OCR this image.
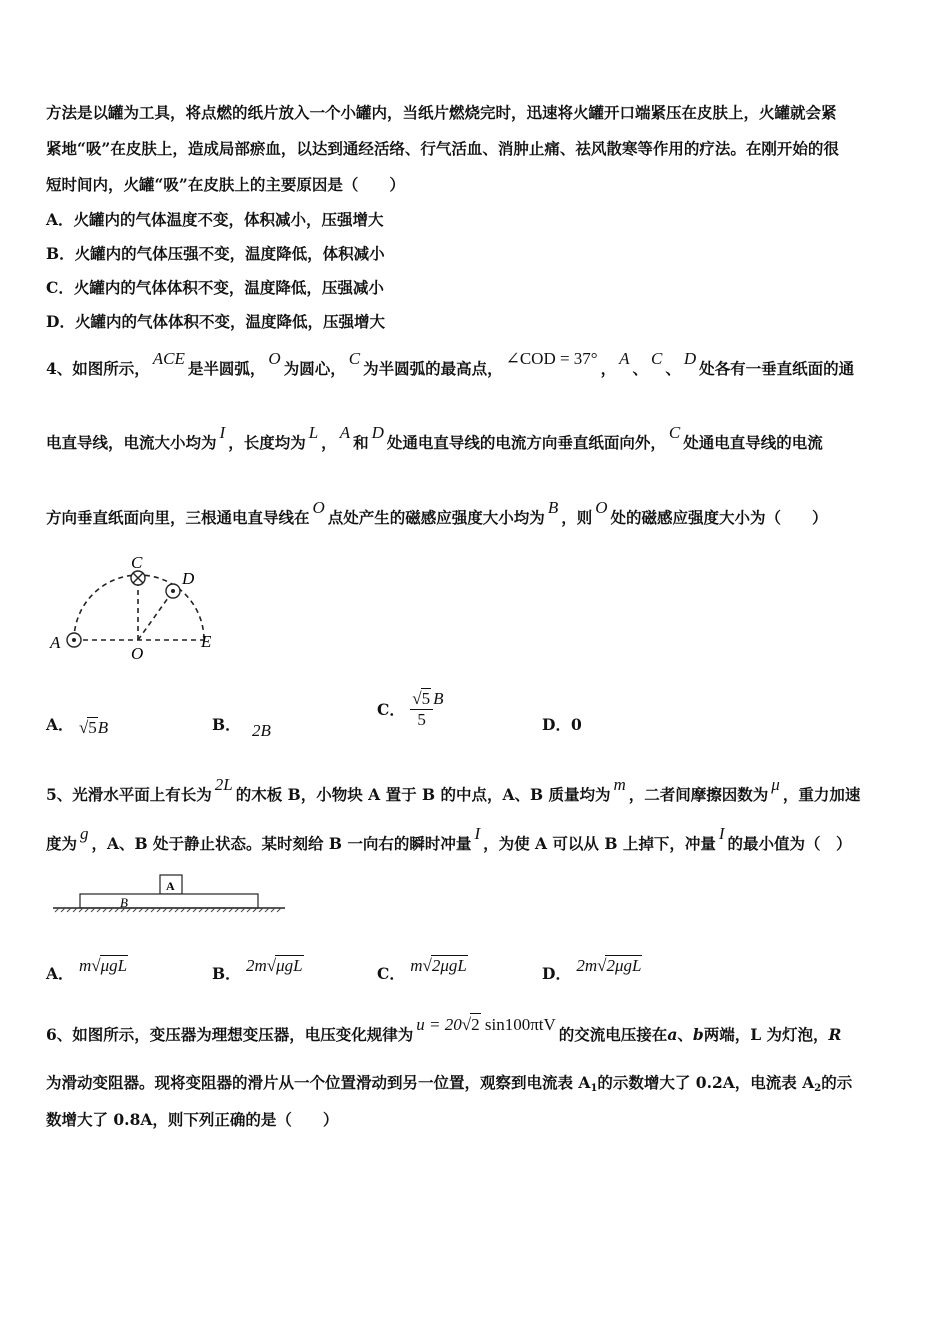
方法是以罐为工具，将点燃的纸片放入一个小罐内，当纸片燃烧完时，迅速将火罐开口端紧压在皮肤上，火罐就会紧
紧地“吸”在皮肤上，造成局部瘀血，以达到通经活络、行气活血、消肿止痛、祛风散寒等作用的疗法。在刚开始的很
短时间内，火罐“吸”在皮肤上的主要原因是（　　）
A．火罐内的气体温度不变，体积减小，压强增大
B．火罐内的气体压强不变，温度降低，体积减小
C．火罐内的气体体积不变，温度降低，压强减小
D．火罐内的气体体积不变，温度降低，压强增大
4、如图所示，ACE是半圆弧，O为圆心，C为半圆弧的最高点，∠COD = 37°，A、C、D处各有一垂直纸面的通
电直导线，电流大小均为I，长度均为L，A和D处通电直导线的电流方向垂直纸面向外，C处通电直导线的电流
方向垂直纸面向里，三根通电直导线在O点处产生的磁感应强度大小均为B，则O处的磁感应强度大小为（　　）
A
C
D
O
E
A． √5B	B． 2B
C． $\frac{√5}{5}$ B
D．0
5、光滑水平面上有长为2L的木板 B，小物块 A 置于 B 的中点，A、B 质量均为m，二者间摩擦因数为μ，重力加速
度为g，A、B 处于静止状态。某时刻给 B 一向右的瞬时冲量I，为使 A 可以从 B 上掉下，冲量I的最小值为（　）
A
B
A． m√μgL	B． 2m√μgL	C． m√2μgL	D． 2m√2μgL
6、如图所示，变压器为理想变压器，电压变化规律为u = 20√2 sin100πtV的交流电压接在a、b两端，L 为灯泡，R
为滑动变阻器。现将变阻器的滑片从一个位置滑动到另一位置，观察到电流表 A1的示数增大了 0.2A，电流表 A2的示
数增大了 0.8A，则下列正确的是（　　）
